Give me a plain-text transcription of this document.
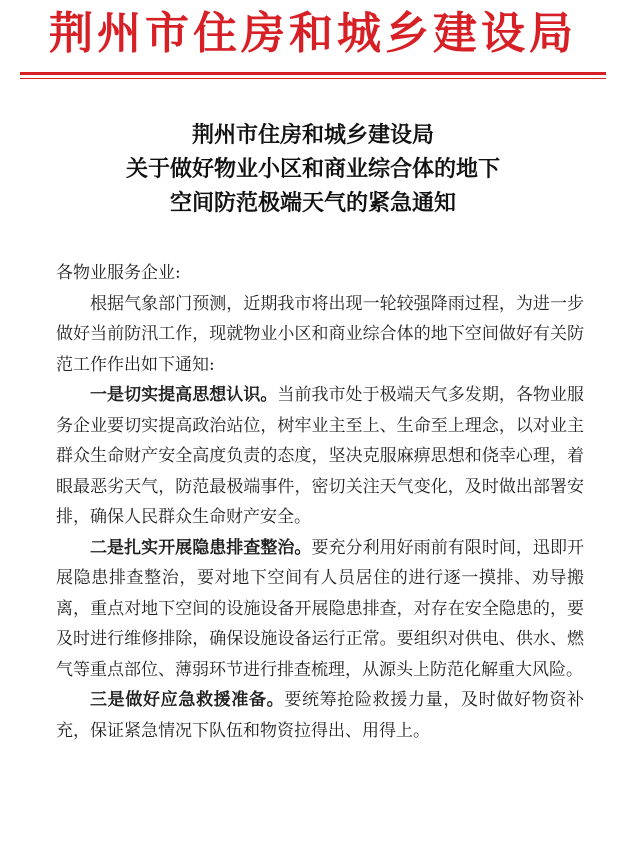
荆州市住房和城乡建设局
荆州市住房和城乡建设局
关于做好物业小区和商业综合体的地下
空间防范极端天气的紧急通知

各物业服务企业:

根据气象部门预测，近期我市将出现一轮较强降雨过程，为进一步做好当前防汛工作，现就物业小区和商业综合体的地下空间做好有关防范工作作出如下通知:

一是切实提高思想认识。当前我市处于极端天气多发期，各物业服务企业要切实提高政治站位，树牢业主至上、生命至上理念，以对业主群众生命财产安全高度负责的态度，坚决克服麻痹思想和侥幸心理，着眼最恶劣天气，防范最极端事件，密切关注天气变化，及时做出部署安排，确保人民群众生命财产安全。

二是扎实开展隐患排查整治。要充分利用好雨前有限时间，迅即开展隐患排查整治，要对地下空间有人员居住的进行逐一摸排、劝导搬离，重点对地下空间的设施设备开展隐患排查，对存在安全隐患的，要及时进行维修排除，确保设施设备运行正常。要组织对供电、供水、燃气等重点部位、薄弱环节进行排查梳理，从源头上防范化解重大风险。

三是做好应急救援准备。要统筹抢险救援力量，及时做好物资补充，保证紧急情况下队伍和物资拉得出、用得上。
